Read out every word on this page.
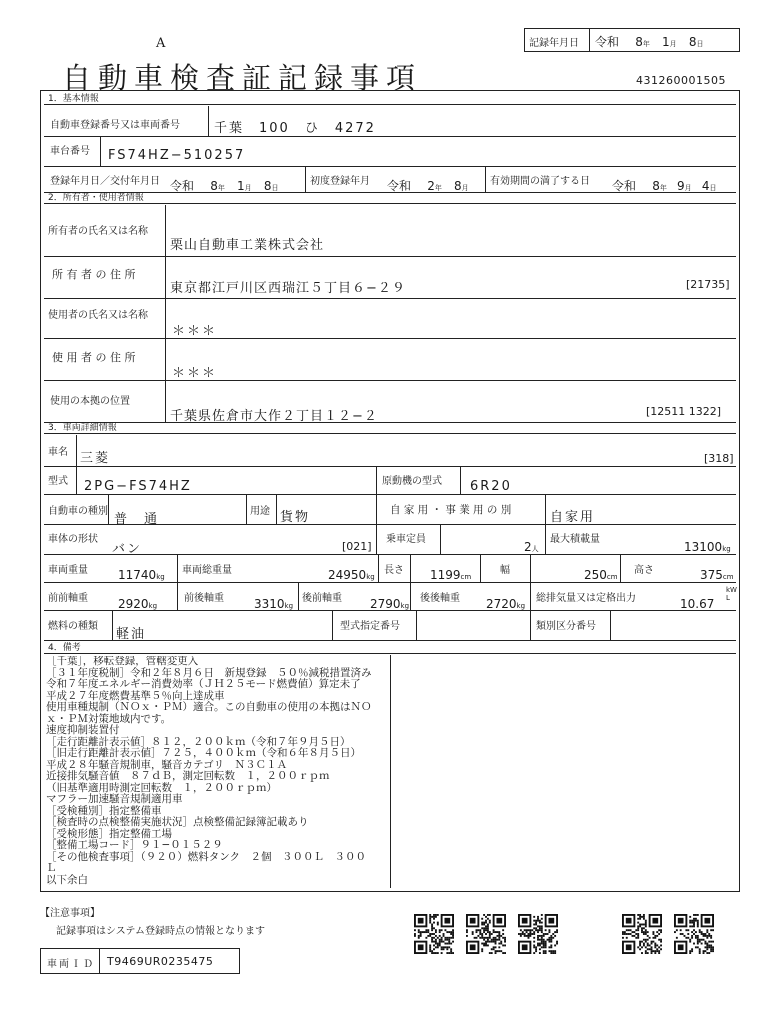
A
自動車検査証記録事項
記録年月日 令和 8年 1月 8日
431260001505
1．基本情報
自動車登録番号又は車両番号	千葉　100　ひ　4272
車台番号 FS74HZ−510257
登録年月日／交付年月日 令和 8年 1月 8日
初度登録年月 令和 2年 8月
有効期間の満了する日 令和 8年 9月 4日
2．所有者・使用者情報
所有者の氏名又は名称
栗山自動車工業株式会社
所 有 者 の 住 所
東京都江戸川区西瑞江５丁目６−２９	[21735]
使用者の氏名又は名称
＊＊＊
使 用 者 の 住 所
＊＊＊
使用の本拠の位置
千葉県佐倉市大作２丁目１２−２	[12511 1322]
3．車両詳細情報
車名 三菱	[318]
型式 2PG−FS74HZ	原動機の型式 6R20
自動車の種別
普　通
用途 貨物	自 家 用 ・ 事 業 用 の 別	自家用
車体の形状
バン	[021]
乗車定員
2人
最大積載量
13100kg
車両重量	11740kg
車両総重量	24950kg
長さ 1199cm
幅	250cm
高さ	375cm
前前軸重	2920kg
前後軸重	3310kg
後前軸重 2790kg
後後軸重 2720kg
総排気量又は定格出力	10.67
kW
L
燃料の種類
軽油
型式指定番号	類別区分番号
4．備考
［千葉］，移転登録，管轄変更入
［３１年度税制］令和２年８月６日　新規登録　５０％減税措置済み
令和７年度エネルギー消費効率（ＪＨ２５モード燃費値）算定未了
平成２７年度燃費基準５％向上達成車
使用車種規制（ＮＯｘ・ＰＭ）適合。この自動車の使用の本拠はＮＯ
ｘ・ＰＭ対策地域内です。
速度抑制装置付
［走行距離計表示値］８１２，２００ｋｍ（令和７年９月５日）
［旧走行距離計表示値］７２５，４００ｋｍ（令和６年８月５日）
平成２８年騒音規制車，騒音カテゴリ　Ｎ３Ｃ１Ａ
近接排気騒音値　８７ｄＢ，測定回転数　１，２００ｒｐｍ
（旧基準適用時測定回転数　１，２００ｒｐｍ）
マフラー加速騒音規制適用車
［受検種別］指定整備車
［検査時の点検整備実施状況］点検整備記録簿記載あり
［受検形態］指定整備工場
［整備工場コード］９１−０１５２９
［その他検査事項］（９２０）燃料タンク　２個　３００Ｌ　３００
Ｌ
以下余白
【注意事項】
記録事項はシステム登録時点の情報となります
車両ＩＤ T9469UR0235475
